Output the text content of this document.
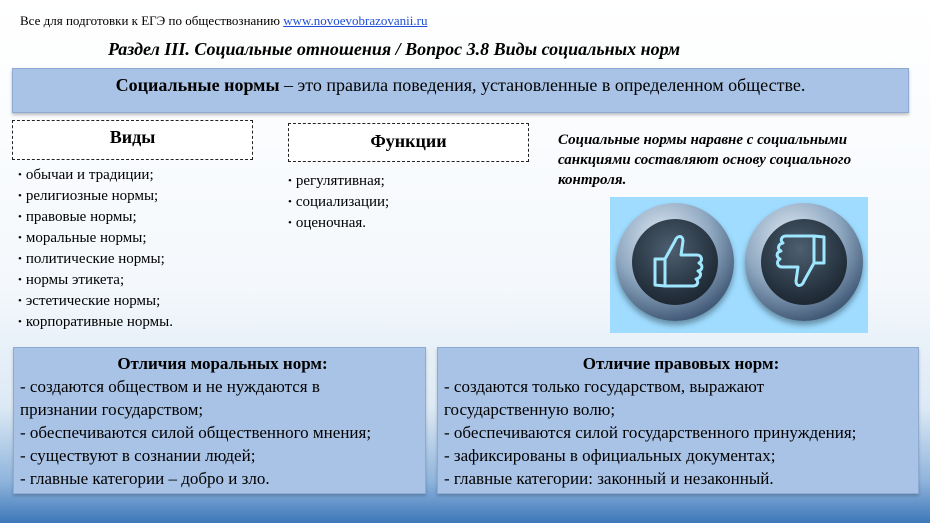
Все для подготовки к ЕГЭ по обществознанию www.novoevobrazovanii.ru
Раздел III. Социальные отношения / Вопрос 3.8 Виды социальных норм
Социальные нормы – это правила поведения, установленные в определенном обществе.
Виды
• обычаи и традиции;
• религиозные нормы;
• правовые нормы;
• моральные нормы;
• политические нормы;
• нормы этикета;
• эстетические нормы;
• корпоративные нормы.
Функции
• регулятивная;
• социализации;
• оценочная.
Социальные нормы наравне с социальными санкциями составляют основу социального контроля.
Отличия моральных норм:

- создаются обществом и не нуждаются в

признании государством;

- обеспечиваются силой общественного мнения;

- существуют в сознании людей;

- главные категории – добро и зло.

Отличие правовых норм:

- создаются только государством, выражают

государственную волю;

- обеспечиваются силой государственного принуждения;

- зафиксированы в официальных документах;

- главные категории: законный и незаконный.
